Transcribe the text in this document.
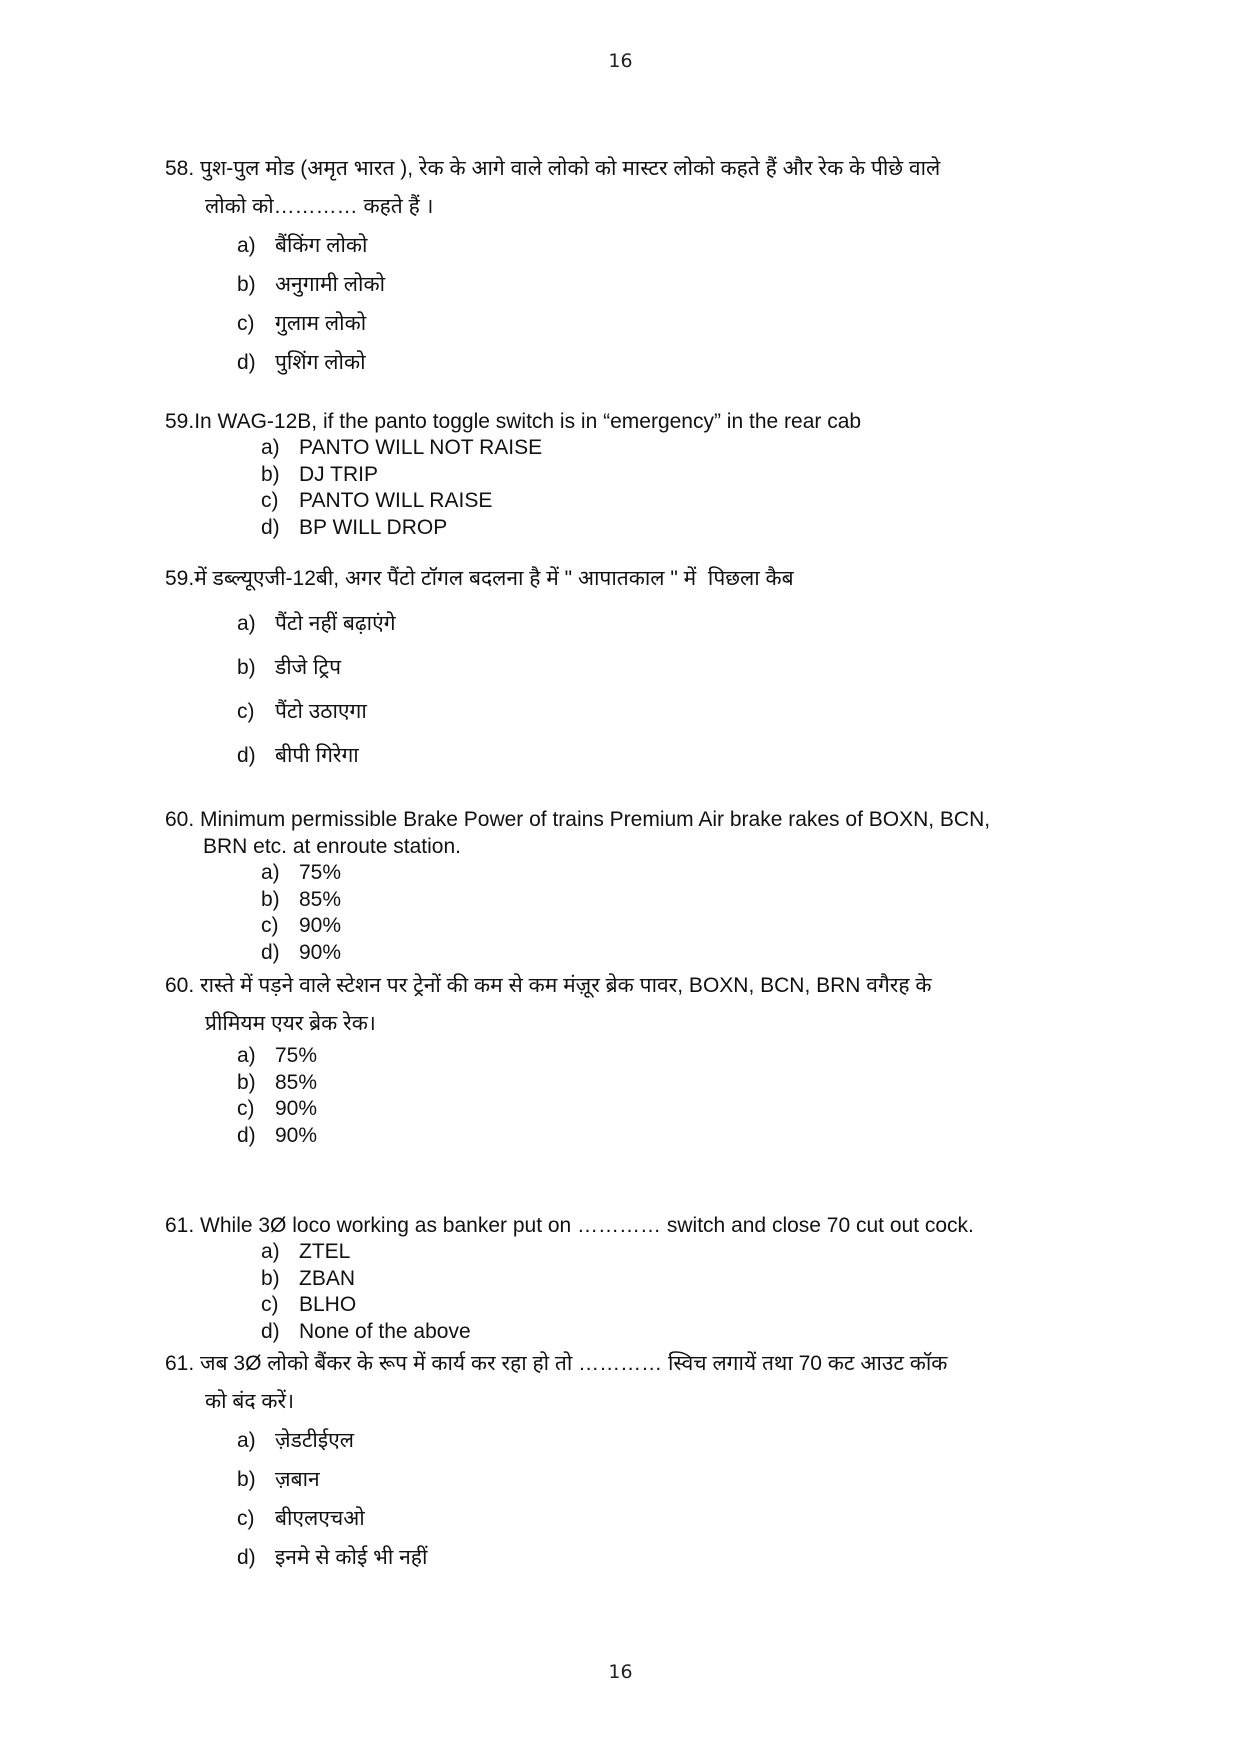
16
58. पुश-पुल मोड (अमृत भारत ), रेक के आगे वाले लोको को मास्टर लोको कहते हैं और रेक के पीछे वाले
लोको को………… कहते हैं ।
a) बैंकिंग लोको
b) अनुगामी लोको
c) गुलाम लोको
d) पुशिंग लोको
59.In WAG-12B, if the panto toggle switch is in “emergency” in the rear cab
a) PANTO WILL NOT RAISE
b) DJ TRIP
c) PANTO WILL RAISE
d) BP WILL DROP
59.में डब्ल्यूएजी-12बी, अगर पैंटो टॉगल बदलना है में " आपातकाल " में  पिछला कैब
a) पैंटो नहीं बढ़ाएंगे
b) डीजे ट्रिप
c) पैंटो उठाएगा
d) बीपी गिरेगा
60. Minimum permissible Brake Power of trains Premium Air brake rakes of BOXN, BCN,
BRN etc. at enroute station.
a) 75%
b) 85%
c) 90%
d) 90%
60. रास्ते में पड़ने वाले स्टेशन पर ट्रेनों की कम से कम मंज़ूर ब्रेक पावर, BOXN, BCN, BRN वगैरह के
प्रीमियम एयर ब्रेक रेक।
a) 75%
b) 85%
c) 90%
d) 90%
61. While 3Ø loco working as banker put on ………… switch and close 70 cut out cock.
a) ZTEL
b) ZBAN
c) BLHO
d) None of the above
61. जब 3Ø लोको बैंकर के रूप में कार्य कर रहा हो तो ………… स्विच लगायें तथा 70 कट आउट कॉक
को बंद करें।
a) ज़ेडटीईएल
b) ज़बान
c) बीएलएचओ
d) इनमे से कोई भी नहीं
16
